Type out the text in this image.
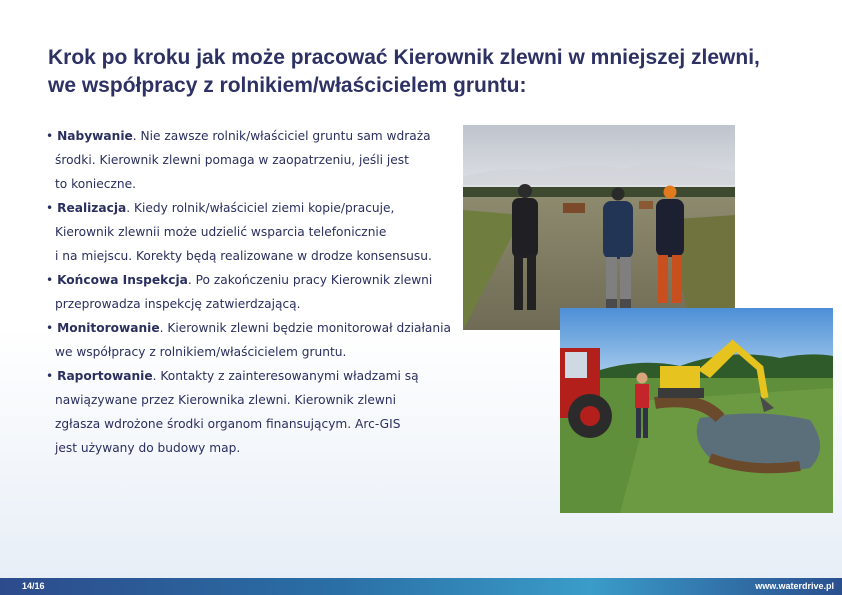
Krok po kroku jak może pracować Kierownik zlewni w mniejszej zlewni,
we współpracy z rolnikiem/właścicielem gruntu:
• Nabywanie. Nie zawsze rolnik/właściciel gruntu sam wdraża
środki. Kierownik zlewni pomaga w zaopatrzeniu, jeśli jest
to konieczne.
• Realizacja. Kiedy rolnik/właściciel ziemi kopie/pracuje,
Kierownik zlewnii może udzielić wsparcia telefonicznie
i na miejscu. Korekty będą realizowane w drodze konsensusu.
• Końcowa Inspekcja. Po zakończeniu pracy Kierownik zlewni
przeprowadza inspekcję zatwierdzającą.
• Monitorowanie. Kierownik zlewni będzie monitorował działania
we współpracy z rolnikiem/właścicielem gruntu.
• Raportowanie. Kontakty z zainteresowanymi władzami są
nawiązywane przez Kierownika zlewni. Kierownik zlewni
zgłasza wdrożone środki organom finansującym. Arc-GIS
jest używany do budowy map.
14/16	www.waterdrive.pl
